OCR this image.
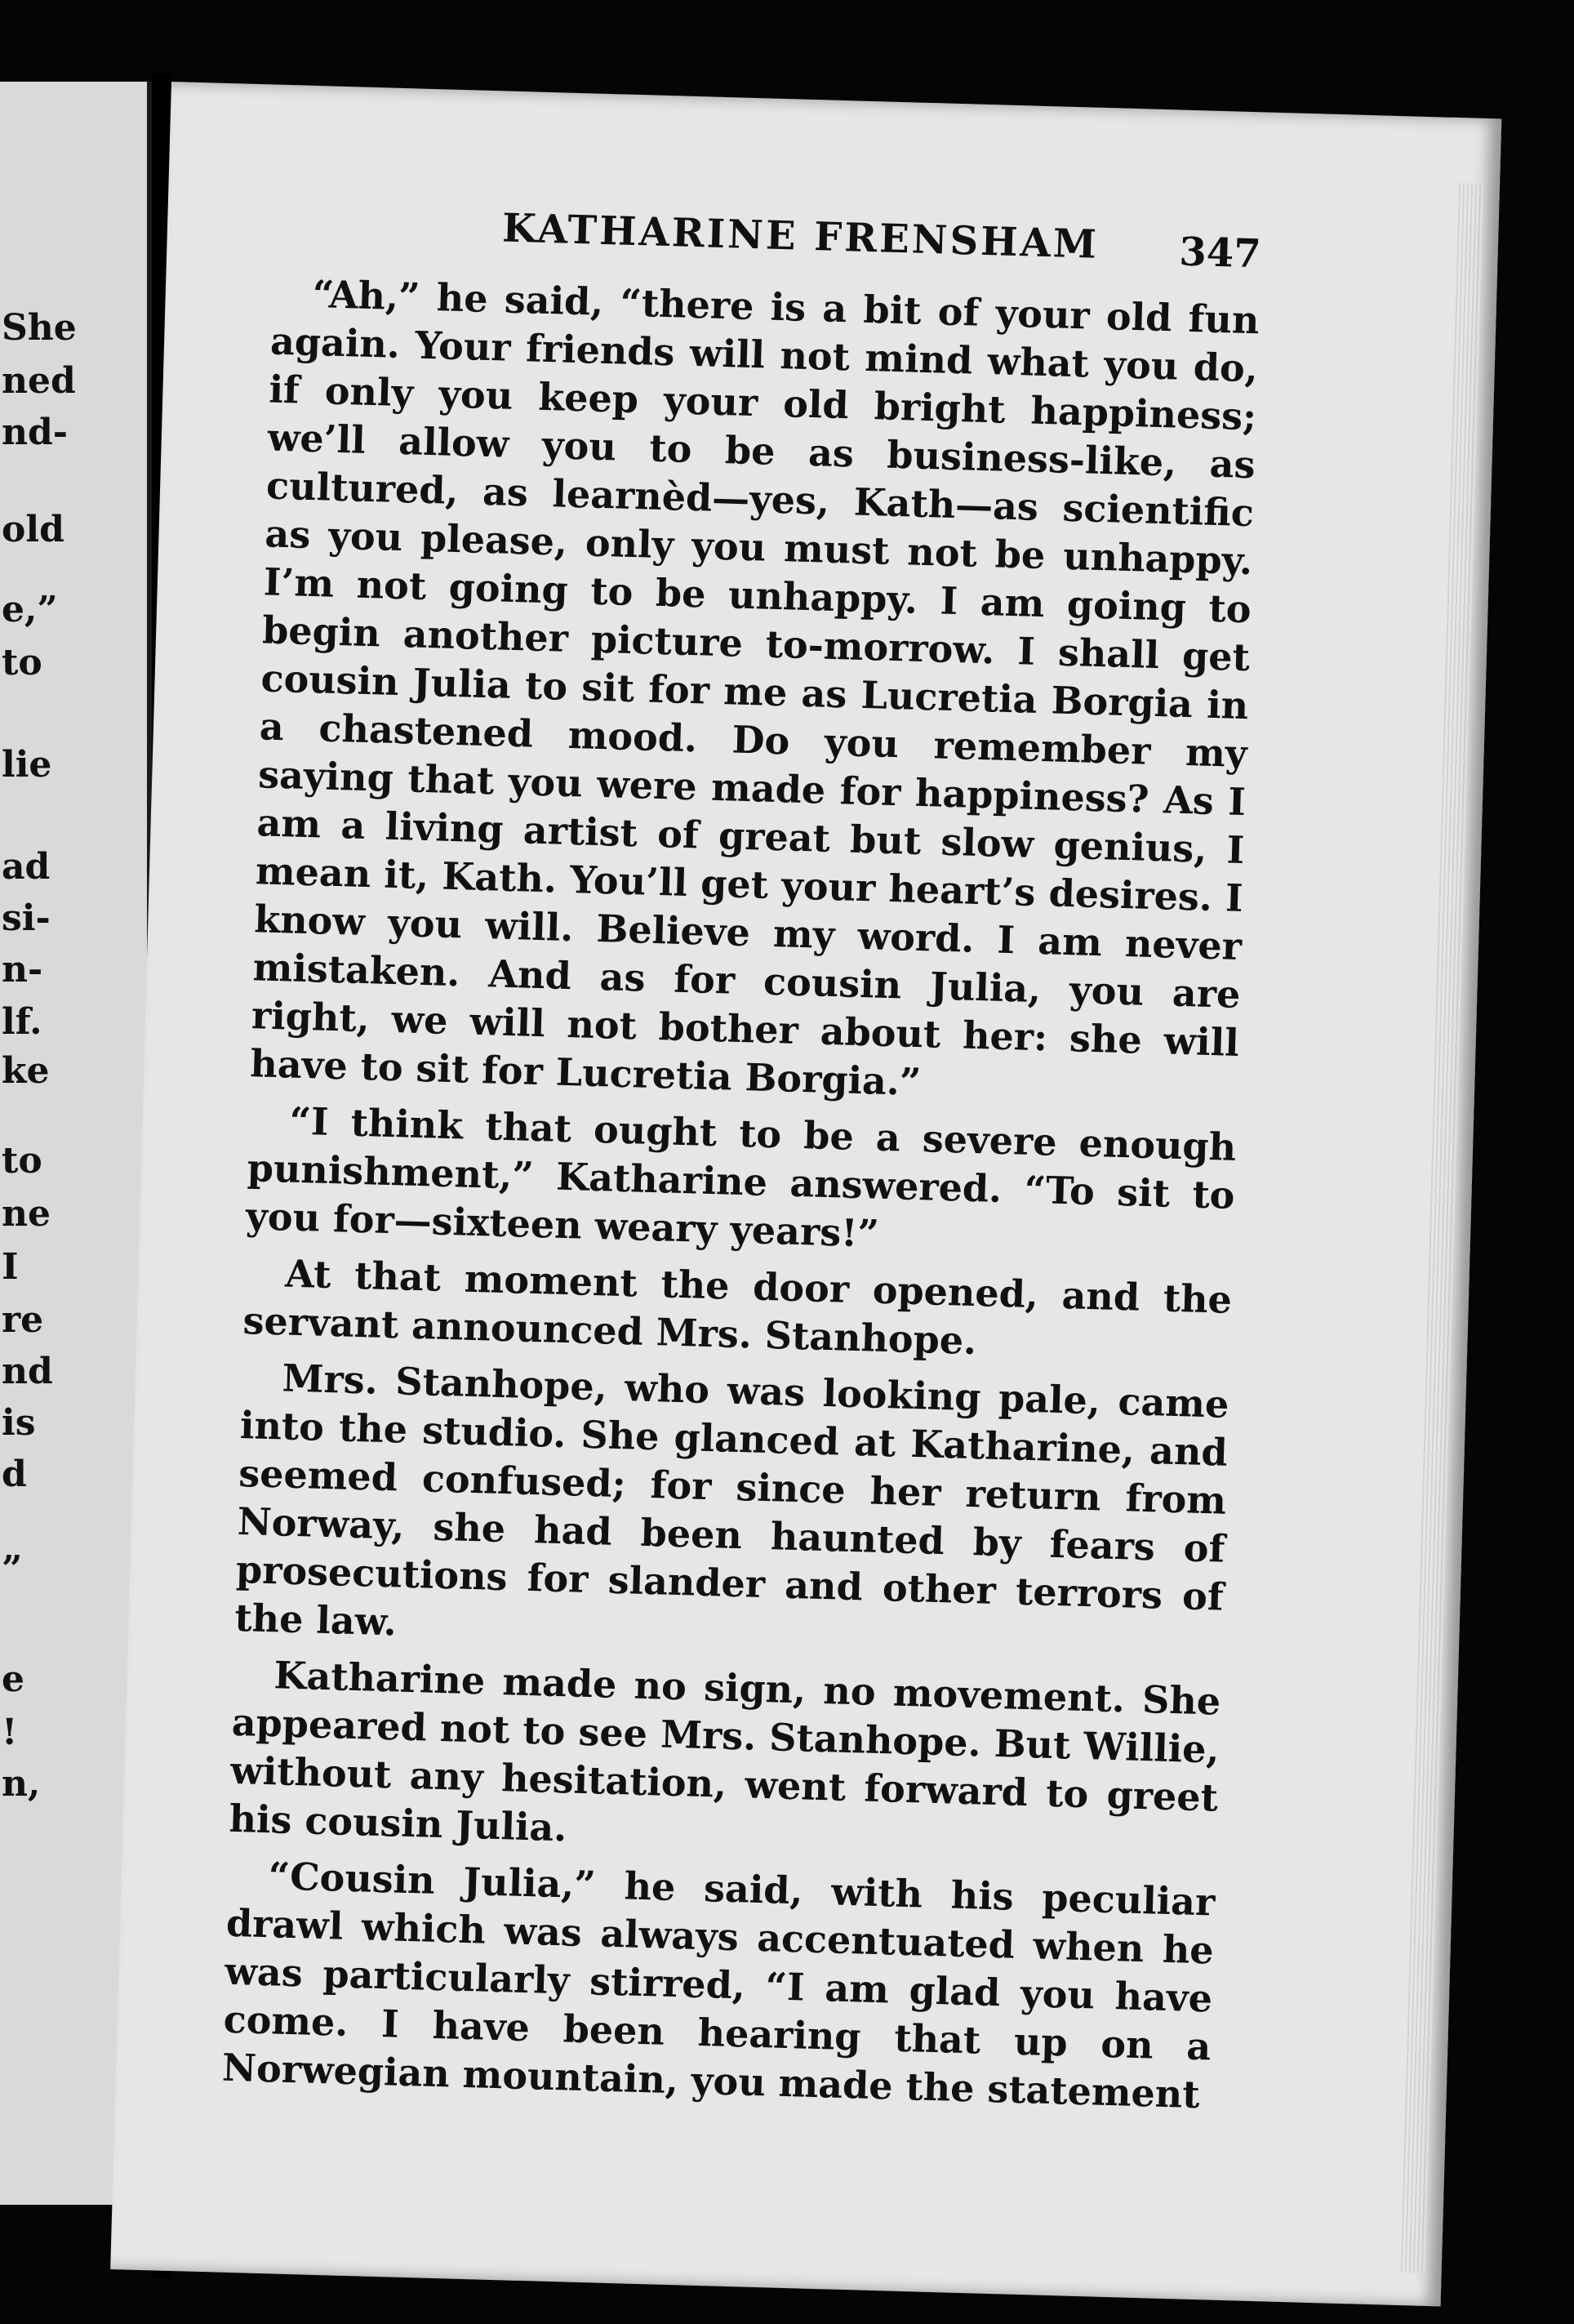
She
ned
nd-
old
e,”
to
lie
ad
si-
n-
lf.
ke
to
ne
I
re
nd
is
d
”
e
!
n,
KATHARINE FRENSHAM 347

“Ah,” he said, “there is a bit of your old fun again. Your friends will not mind what you do, if only you keep your old bright happiness; we’ll allow you to be as business-like, as cultured, as learnèd—yes, Kath—as scientific as you please, only you must not be unhappy. I’m not going to be unhappy. I am going to begin another picture to-morrow. I shall get cousin Julia to sit for me as Lucretia Borgia in a chastened mood. Do you remember my saying that you were made for happiness? As I am a living artist of great but slow genius, I mean it, Kath. You’ll get your heart’s desires. I know you will. Believe my word. I am never mistaken. And as for cousin Julia, you are right, we will not bother about her: she will have to sit for Lucretia Borgia.”

“I think that ought to be a severe enough punishment,” Katharine answered. “To sit to you for—sixteen weary years!”

At that moment the door opened, and the servant announced Mrs. Stanhope.

Mrs. Stanhope, who was looking pale, came into the studio. She glanced at Katharine, and seemed confused; for since her return from Norway, she had been haunted by fears of prosecutions for slander and other terrors of the law.

Katharine made no sign, no movement. She appeared not to see Mrs. Stanhope. But Willie, without any hesitation, went forward to greet his cousin Julia.

“Cousin Julia,” he said, with his peculiar drawl which was always accentuated when he was particularly stirred, “I am glad you have come. I have been hearing that up on a Norwegian mountain, you made the statement
